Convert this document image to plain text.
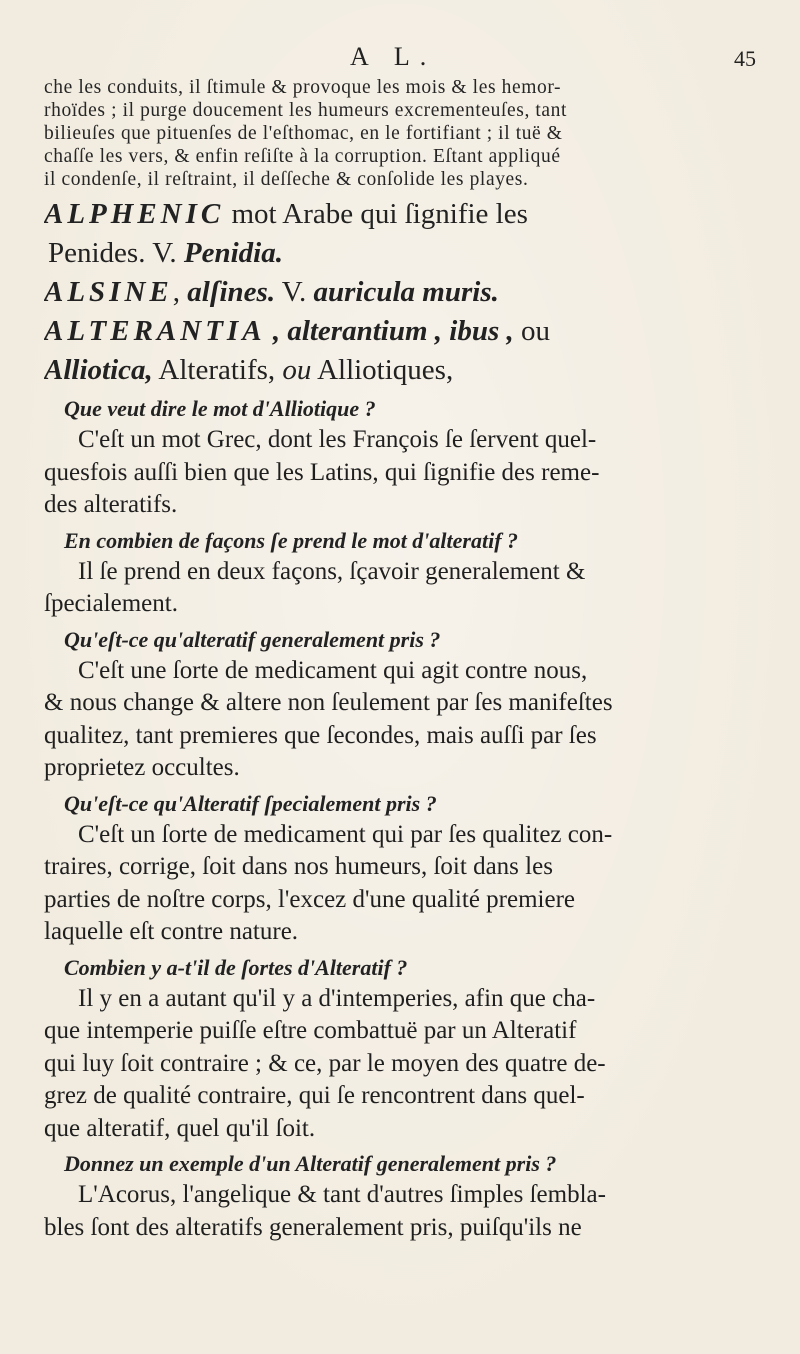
A L.	45
che les conduits, il ſtimule & provoque les mois & les hemor-
rhoïdes ; il purge doucement les humeurs excrementeuſes, tant
bilieuſes que pituenſes de l'eſthomac, en le fortifiant ; il tuë &
chaſſe les vers, & enfin reſiſte à la corruption. Eſtant appliqué
il condenſe, il reſtraint, il deſſeche & conſolide les playes.
ALPHENIC mot Arabe qui ſignifie les
Penides. V. Penidia.
ALSINE, alſines. V. auricula muris.
ALTERANTIA , alterantium , ibus , ou
Alliotica, Alteratifs, ou Alliotiques,
Que veut dire le mot d'Alliotique ?
C'eſt un mot Grec, dont les François ſe ſervent quel-
quesfois auſſi bien que les Latins, qui ſignifie des reme-
des alteratifs.
En combien de façons ſe prend le mot d'alteratif ?
Il ſe prend en deux façons, ſçavoir generalement &
ſpecialement.
Qu'eſt-ce qu'alteratif generalement pris ?
C'eſt une ſorte de medicament qui agit contre nous,
& nous change & altere non ſeulement par ſes manifeſtes
qualitez, tant premieres que ſecondes, mais auſſi par ſes
proprietez occultes.
Qu'eſt-ce qu'Alteratif ſpecialement pris ?
C'eſt un ſorte de medicament qui par ſes qualitez con-
traires, corrige, ſoit dans nos humeurs, ſoit dans les
parties de noſtre corps, l'excez d'une qualité premiere
laquelle eſt contre nature.
Combien y a-t'il de ſortes d'Alteratif ?
Il y en a autant qu'il y a d'intemperies, afin que cha-
que intemperie puiſſe eſtre combattuë par un Alteratif
qui luy ſoit contraire ; & ce, par le moyen des quatre de-
grez de qualité contraire, qui ſe rencontrent dans quel-
que alteratif, quel qu'il ſoit.
Donnez un exemple d'un Alteratif generalement pris ?
L'Acorus, l'angelique & tant d'autres ſimples ſembla-
bles ſont des alteratifs generalement pris, puiſqu'ils ne
